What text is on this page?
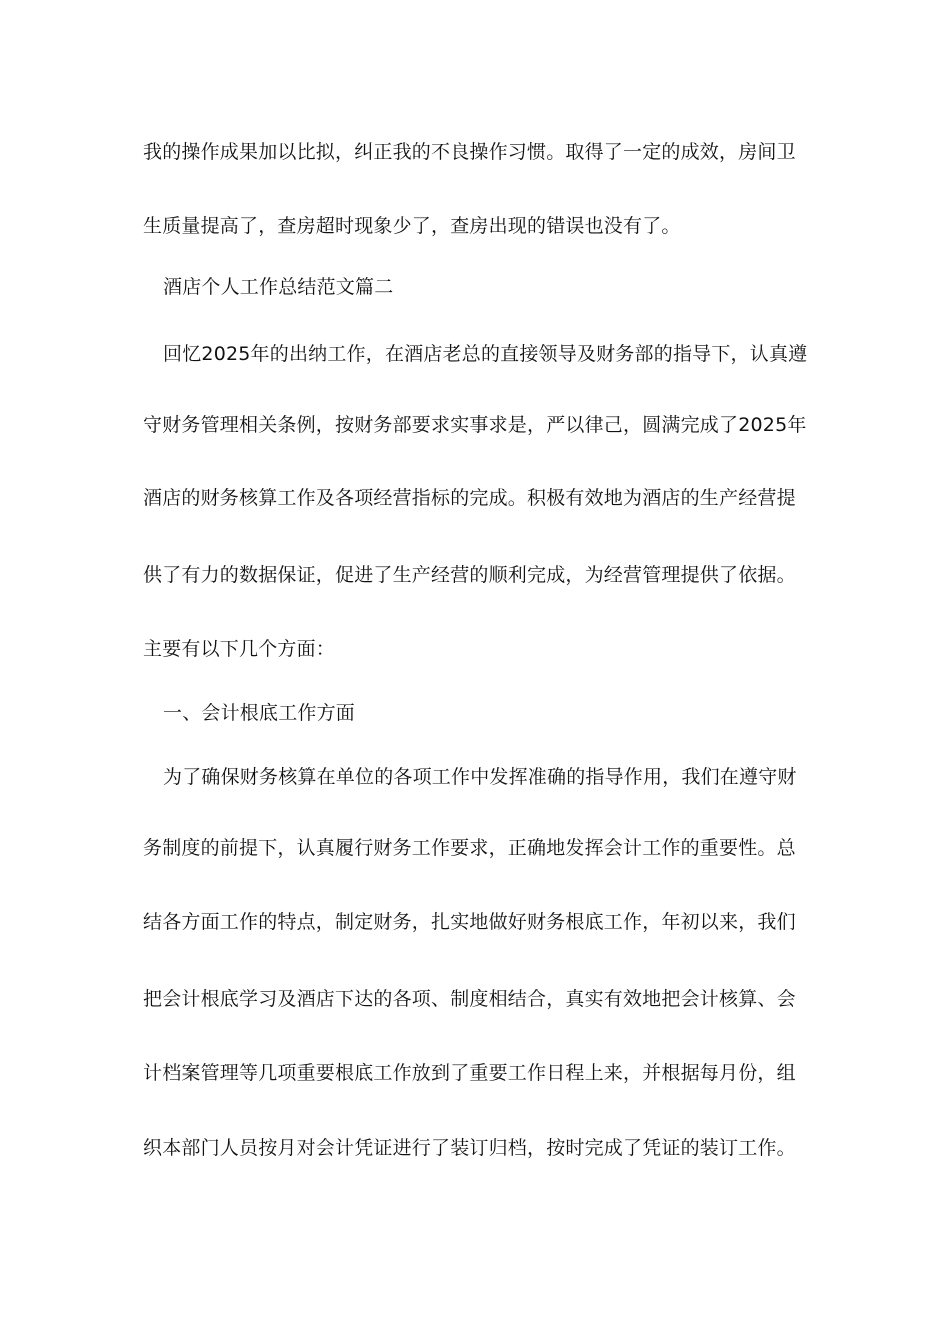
我的操作成果加以比拟，纠正我的不良操作习惯。取得了一定的成效，房间卫
生质量提高了，查房超时现象少了，查房出现的错误也没有了。
酒店个人工作总结范文篇二
回忆2025年的出纳工作，在酒店老总的直接领导及财务部的指导下，认真遵
守财务管理相关条例，按财务部要求实事求是，严以律己，圆满完成了2025年
酒店的财务核算工作及各项经营指标的完成。积极有效地为酒店的生产经营提
供了有力的数据保证，促进了生产经营的顺利完成，为经营管理提供了依据。
主要有以下几个方面：
一、会计根底工作方面
为了确保财务核算在单位的各项工作中发挥准确的指导作用，我们在遵守财
务制度的前提下，认真履行财务工作要求，正确地发挥会计工作的重要性。总
结各方面工作的特点，制定财务，扎实地做好财务根底工作，年初以来，我们
把会计根底学习及酒店下达的各项、制度相结合，真实有效地把会计核算、会
计档案管理等几项重要根底工作放到了重要工作日程上来，并根据每月份，组
织本部门人员按月对会计凭证进行了装订归档，按时完成了凭证的装订工作。
